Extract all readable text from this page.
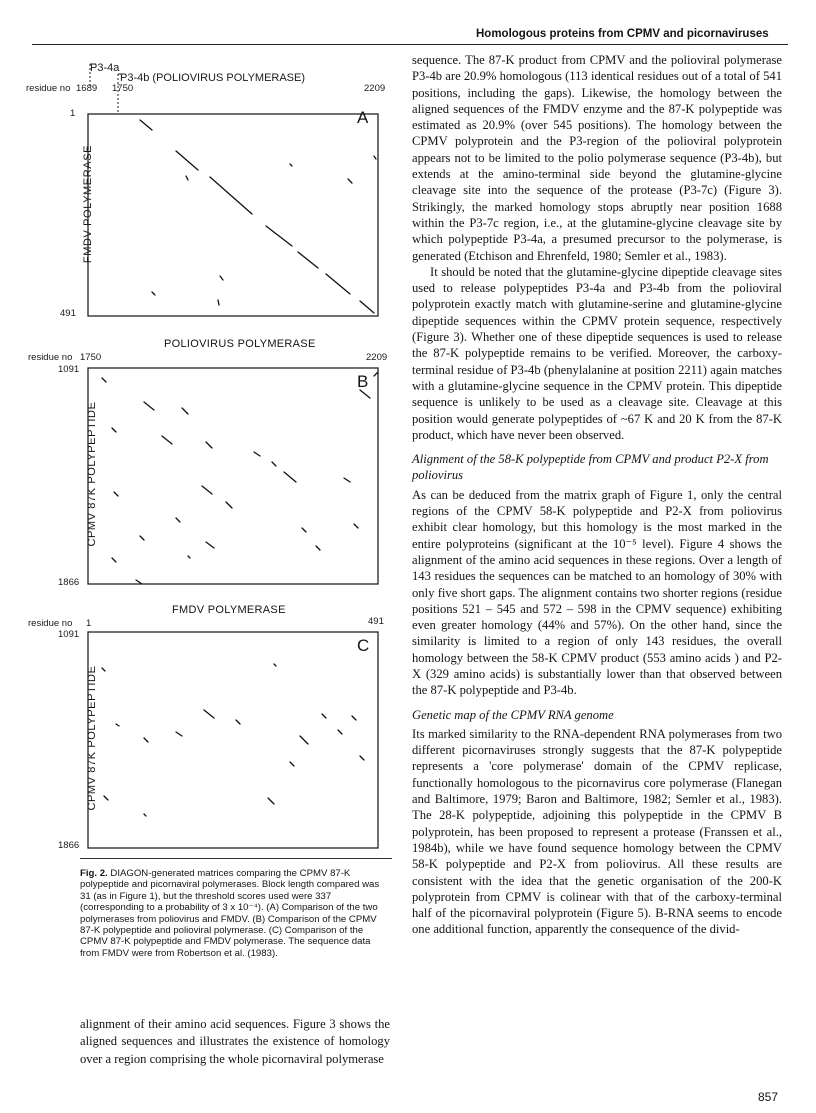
Homologous proteins from CPMV and picornaviruses
P3-4a
P3-4b (POLIOVIRUS POLYMERASE)
residue no 1689 1750	2209
1
491
FMDV POLYMERASE
A
POLIOVIRUS POLYMERASE
residue no 1750	2209
1091
1866
CPMV 87K POLYPEPTIDE
B
FMDV POLYMERASE
residue no 1	491
1091
1866
CPMV 87K POLYPEPTIDE
C
Fig. 2. DIAGON-generated matrices comparing the CPMV 87-K polypeptide and picornaviral polymerases. Block length compared was 31 (as in Figure 1), but the threshold scores used were 337 (corresponding to a probability of 3 x 10⁻⁴). (A) Comparison of the two polymerases from poliovirus and FMDV. (B) Comparison of the CPMV 87-K polypeptide and polioviral polymerase. (C) Comparison of the CPMV 87-K polypeptide and FMDV polymerase. The sequence data from FMDV were from Robertson et al. (1983).
alignment of their amino acid sequences. Figure 3 shows the aligned sequences and illustrates the existence of homology over a region comprising the whole picornaviral polymerase

sequence. The 87-K product from CPMV and the polioviral polymerase P3-4b are 20.9% homologous (113 identical residues out of a total of 541 positions, including the gaps). Likewise, the homology between the aligned sequences of the FMDV enzyme and the 87-K polypeptide was estimated as 20.9% (over 545 positions). The homology between the CPMV polyprotein and the P3-region of the polioviral polyprotein appears not to be limited to the polio polymerase sequence (P3-4b), but extends at the amino-terminal side beyond the glutamine-glycine cleavage site into the sequence of the protease (P3-7c) (Figure 3). Strikingly, the marked homology stops abruptly near position 1688 within the P3-7c region, i.e., at the glutamine-glycine cleavage site by which polypeptide P3-4a, a presumed precursor to the polymerase, is generated (Etchison and Ehrenfeld, 1980; Semler et al., 1983).

It should be noted that the glutamine-glycine dipeptide cleavage sites used to release polypeptides P3-4a and P3-4b from the polioviral polyprotein exactly match with glutamine-serine and glutamine-glycine dipeptide sequences within the CPMV protein sequence, respectively (Figure 3). Whether one of these dipeptide sequences is used to release the 87-K polypeptide remains to be verified. Moreover, the carboxy-terminal residue of P3-4b (phenylalanine at position 2211) again matches with a glutamine-glycine sequence in the CPMV protein. This dipeptide sequence is unlikely to be used as a cleavage site. Cleavage at this position would generate polypeptides of ~67 K and 20 K from the 87-K product, which have never been observed.

Alignment of the 58-K polypeptide from CPMV and product P2-X from poliovirus

As can be deduced from the matrix graph of Figure 1, only the central regions of the CPMV 58-K polypeptide and P2-X from poliovirus exhibit clear homology, but this homology is the most marked in the entire polyproteins (significant at the 10⁻⁵ level). Figure 4 shows the alignment of the amino acid sequences in these regions. Over a length of 143 residues the sequences can be matched to an homology of 30% with only five short gaps. The alignment contains two shorter regions (residue positions 521 – 545 and 572 – 598 in the CPMV sequence) exhibiting even greater homology (44% and 57%). On the other hand, since the similarity is limited to a region of only 143 residues, the overall homology between the 58-K CPMV product (553 amino acids ) and P2-X (329 amino acids) is substantially lower than that observed between the 87-K polypeptide and P3-4b.

Genetic map of the CPMV RNA genome

Its marked similarity to the RNA-dependent RNA polymerases from two different picornaviruses strongly suggests that the 87-K polypeptide represents a 'core polymerase' domain of the CPMV replicase, functionally homologous to the picornavirus core polymerase (Flanegan and Baltimore, 1979; Baron and Baltimore, 1982; Semler et al., 1983). The 28-K polypeptide, adjoining this polypeptide in the CPMV B polyprotein, has been proposed to represent a protease (Franssen et al., 1984b), while we have found sequence homology between the CPMV 58-K polypeptide and P2-X from poliovirus. All these results are consistent with the idea that the genetic organisation of the 200-K polyprotein from CPMV is colinear with that of the carboxy-terminal half of the picornaviral polyprotein (Figure 5). B-RNA seems to encode one additional function, apparently the consequence of the divid-

857
